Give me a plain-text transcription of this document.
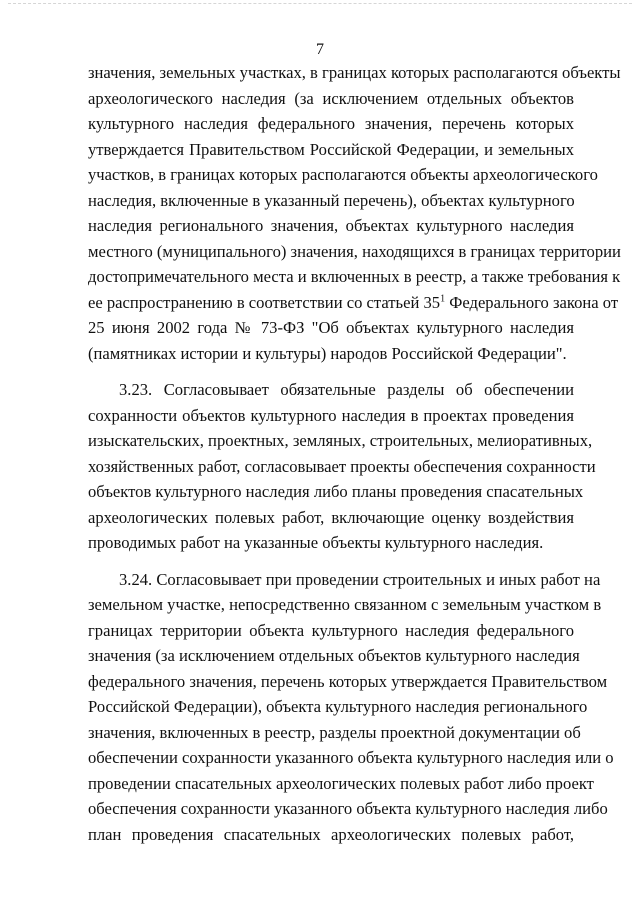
7

значения, земельных участках, в границах которых располагаются объекты
археологического наследия (за исключением отдельных объектов
культурного наследия федерального значения, перечень которых
утверждается Правительством Российской Федерации, и земельных
участков, в границах которых располагаются объекты археологического
наследия, включенные в указанный перечень), объектах культурного
наследия регионального значения, объектах культурного наследия
местного (муниципального) значения, находящихся в границах территории
достопримечательного места и включенных в реестр, а также требования к
ее распространению в соответствии со статьей $35^1$ Федерального закона от
25 июня 2002 года № 73-ФЗ "Об объектах культурного наследия
(памятниках истории и культуры) народов Российской Федерации".

3.23. Согласовывает обязательные разделы об обеспечении
сохранности объектов культурного наследия в проектах проведения
изыскательских, проектных, земляных, строительных, мелиоративных,
хозяйственных работ, согласовывает проекты обеспечения сохранности
объектов культурного наследия либо планы проведения спасательных
археологических полевых работ, включающие оценку воздействия
проводимых работ на указанные объекты культурного наследия.

3.24. Согласовывает при проведении строительных и иных работ на
земельном участке, непосредственно связанном с земельным участком в
границах территории объекта культурного наследия федерального
значения (за исключением отдельных объектов культурного наследия
федерального значения, перечень которых утверждается Правительством
Российской Федерации), объекта культурного наследия регионального
значения, включенных в реестр, разделы проектной документации об
обеспечении сохранности указанного объекта культурного наследия или о
проведении спасательных археологических полевых работ либо проект
обеспечения сохранности указанного объекта культурного наследия либо
план проведения спасательных археологических полевых работ,
